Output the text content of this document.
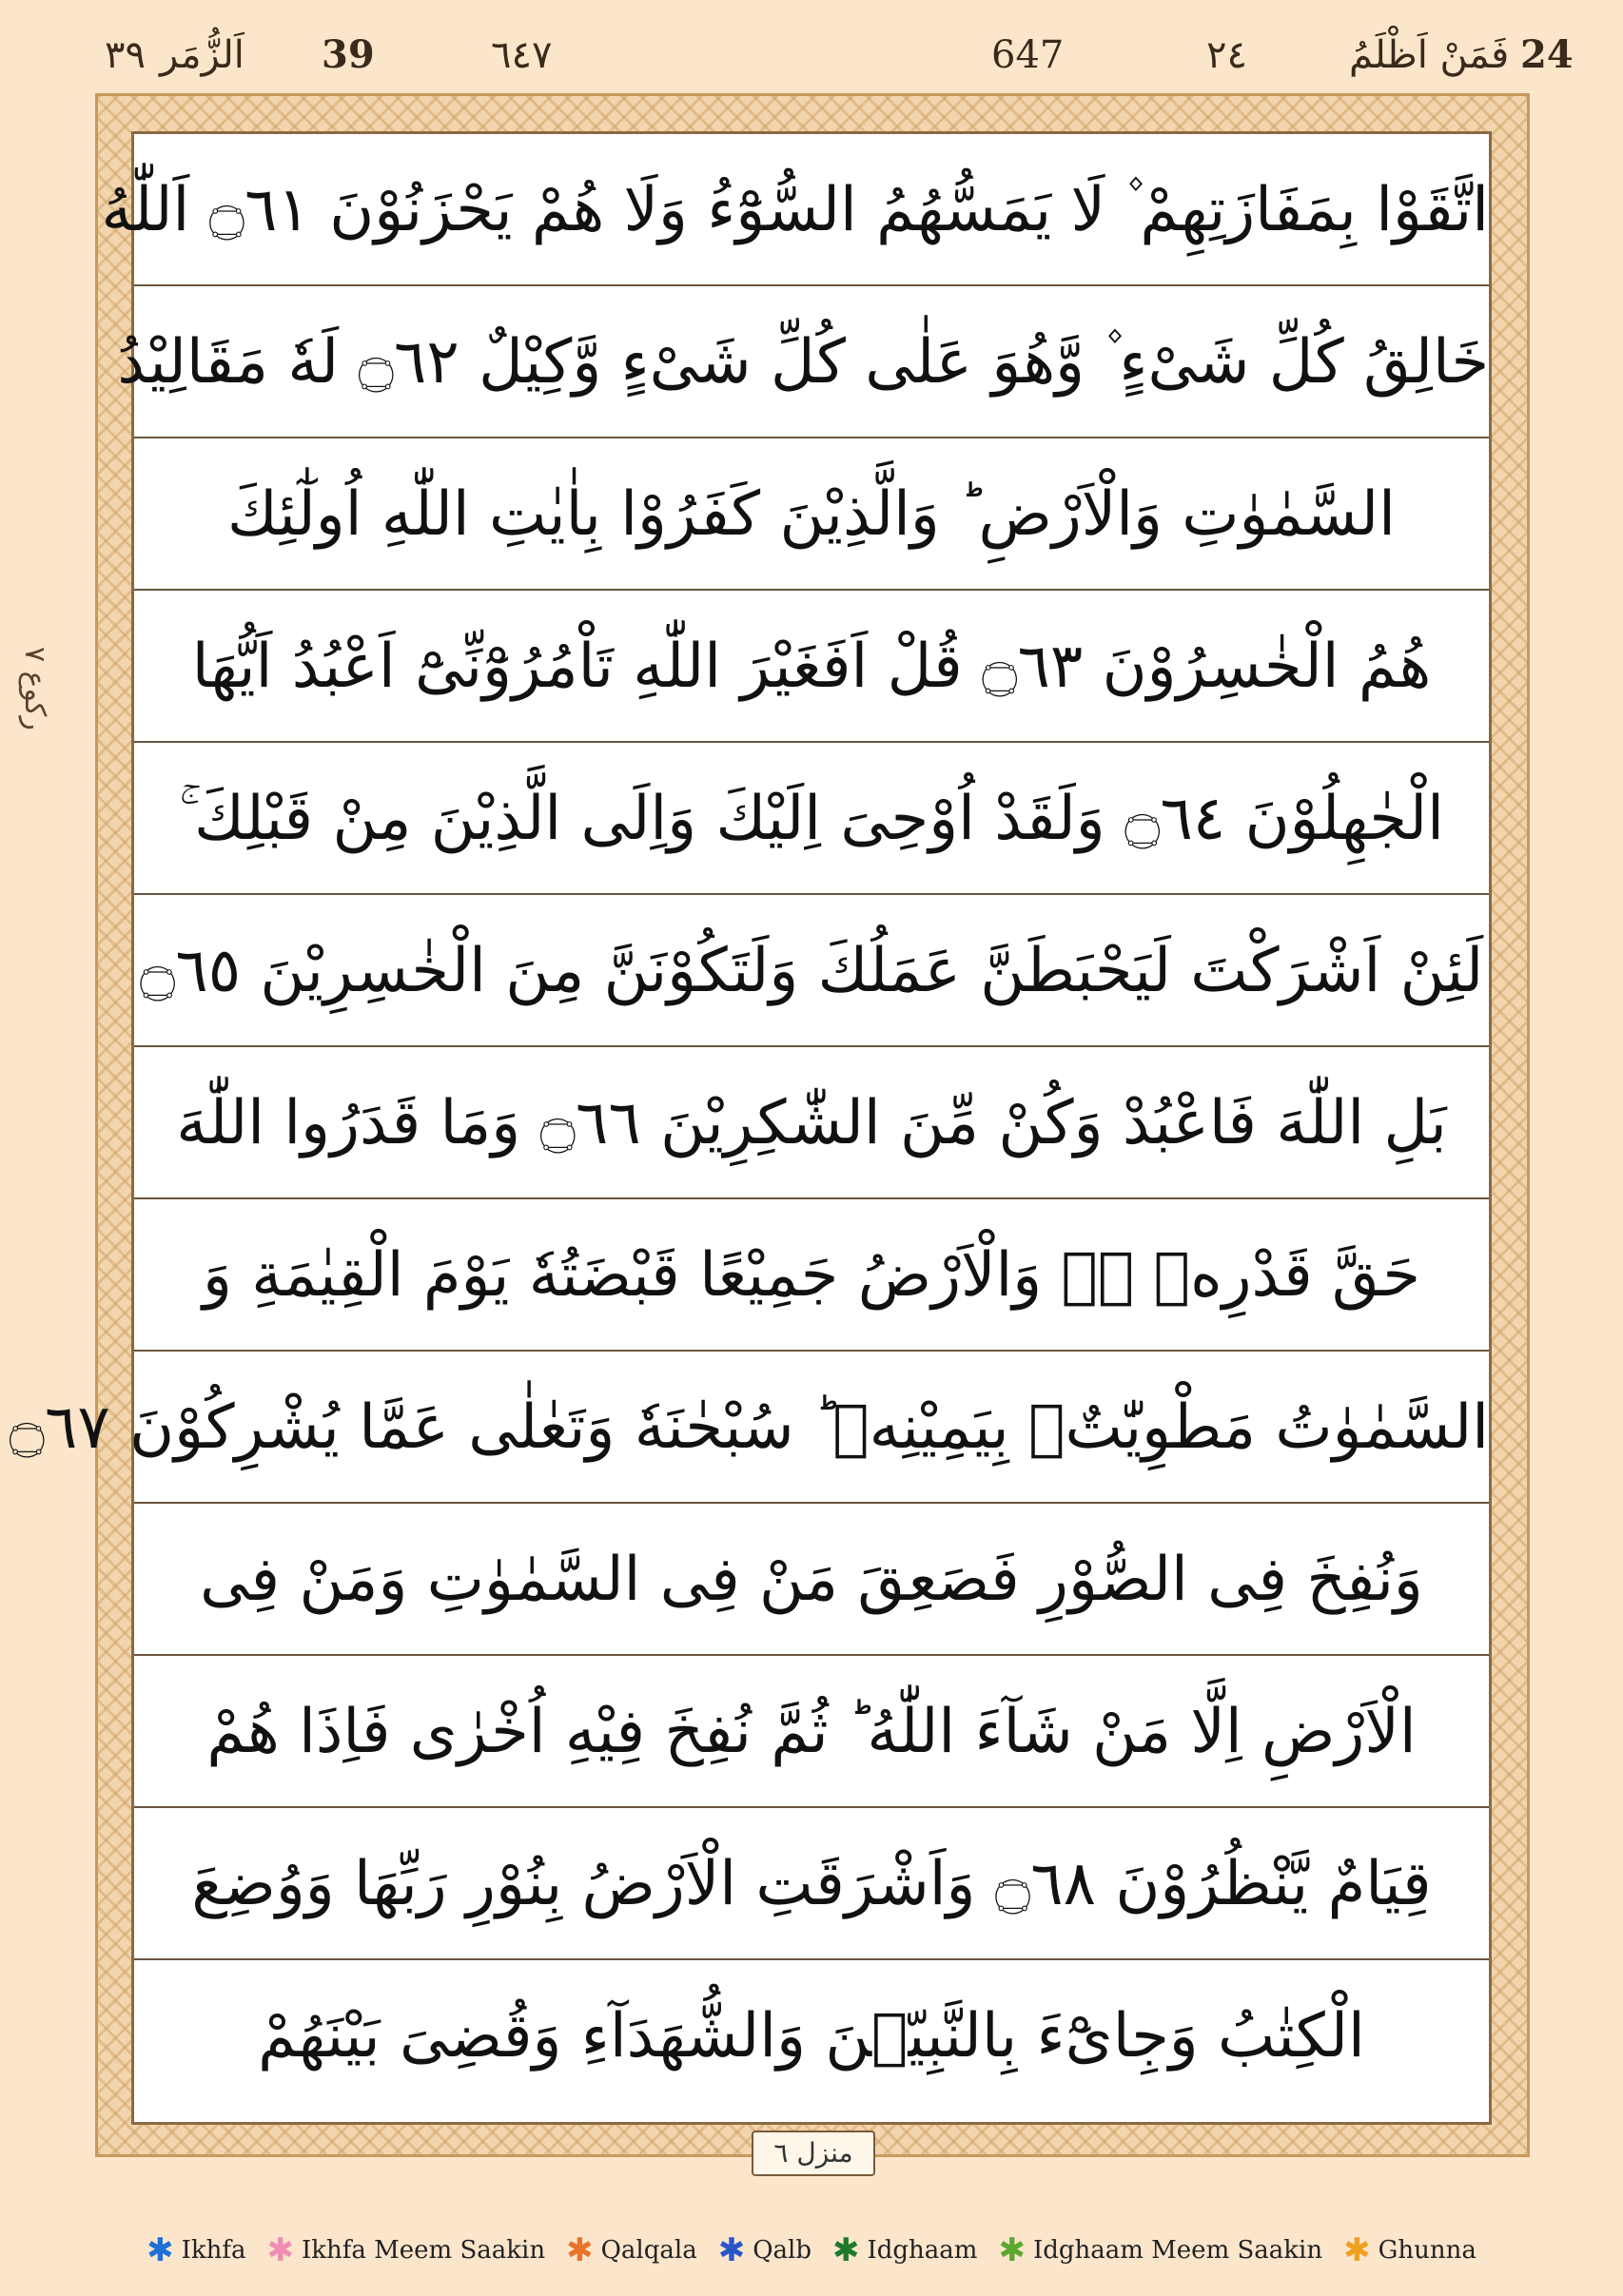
24
فَمَنْ اَظْلَمُ
٢٤
647
٦٤٧
39
اَلزُّمَر
٣٩
ركوع ٧
اتَّقَوْا بِمَفَازَتِهِمْ ۫ لَا يَمَسُّهُمُ السُّوْٓءُ وَلَا هُمْ يَحْزَنُوْنَ ۝٦١ اَللّٰهُ
خَالِقُ كُلِّ شَیْءٍ ۫ وَّهُوَ عَلٰی كُلِّ شَیْءٍ وَّكِیْلٌ ۝٦٢ لَهٗ مَقَالِیْدُ
السَّمٰوٰتِ وَالْاَرْضِ ؕ وَالَّذِیْنَ كَفَرُوْا بِاٰیٰتِ اللّٰهِ اُولٰٓئِكَ
هُمُ الْخٰسِرُوْنَ ۝٦٣ قُلْ اَفَغَیْرَ اللّٰهِ تَاْمُرُوْٓنِّیْٓ اَعْبُدُ اَیُّهَا
الْجٰهِلُوْنَ ۝٦٤ وَلَقَدْ اُوْحِیَ اِلَیْكَ وَاِلَی الَّذِیْنَ مِنْ قَبْلِكَ ۚ
لَئِنْ اَشْرَكْتَ لَیَحْبَطَنَّ عَمَلُكَ وَلَتَكُوْنَنَّ مِنَ الْخٰسِرِیْنَ ۝٦٥
بَلِ اللّٰهَ فَاعْبُدْ وَكُنْ مِّنَ الشّٰكِرِیْنَ ۝٦٦ وَمَا قَدَرُوا اللّٰهَ
حَقَّ قَدْرِهٖ ۖۗ وَالْاَرْضُ جَمِیْعًا قَبْضَتُهٗ یَوْمَ الْقِیٰمَةِ وَ
السَّمٰوٰتُ مَطْوِیّٰتٌۢ بِیَمِیْنِهٖ ؕ سُبْحٰنَهٗ وَتَعٰلٰی عَمَّا یُشْرِكُوْنَ ۝٦٧
وَنُفِخَ فِی الصُّوْرِ فَصَعِقَ مَنْ فِی السَّمٰوٰتِ وَمَنْ فِی
الْاَرْضِ اِلَّا مَنْ شَآءَ اللّٰهُ ؕ ثُمَّ نُفِخَ فِیْهِ اُخْرٰی فَاِذَا هُمْ
قِیَامٌ یَّنْظُرُوْنَ ۝٦٨ وَاَشْرَقَتِ الْاَرْضُ بِنُوْرِ رَبِّهَا وَوُضِعَ
الْكِتٰبُ وَجِایْٓءَ بِالنَّبِیّٖنَ وَالشُّهَدَآءِ وَقُضِیَ بَیْنَهُمْ
منزل ٦
✱ Ikhfa ✱ Ikhfa Meem Saakin ✱ Qalqala ✱ Qalb ✱ Idghaam ✱ Idghaam Meem Saakin ✱ Ghunna
